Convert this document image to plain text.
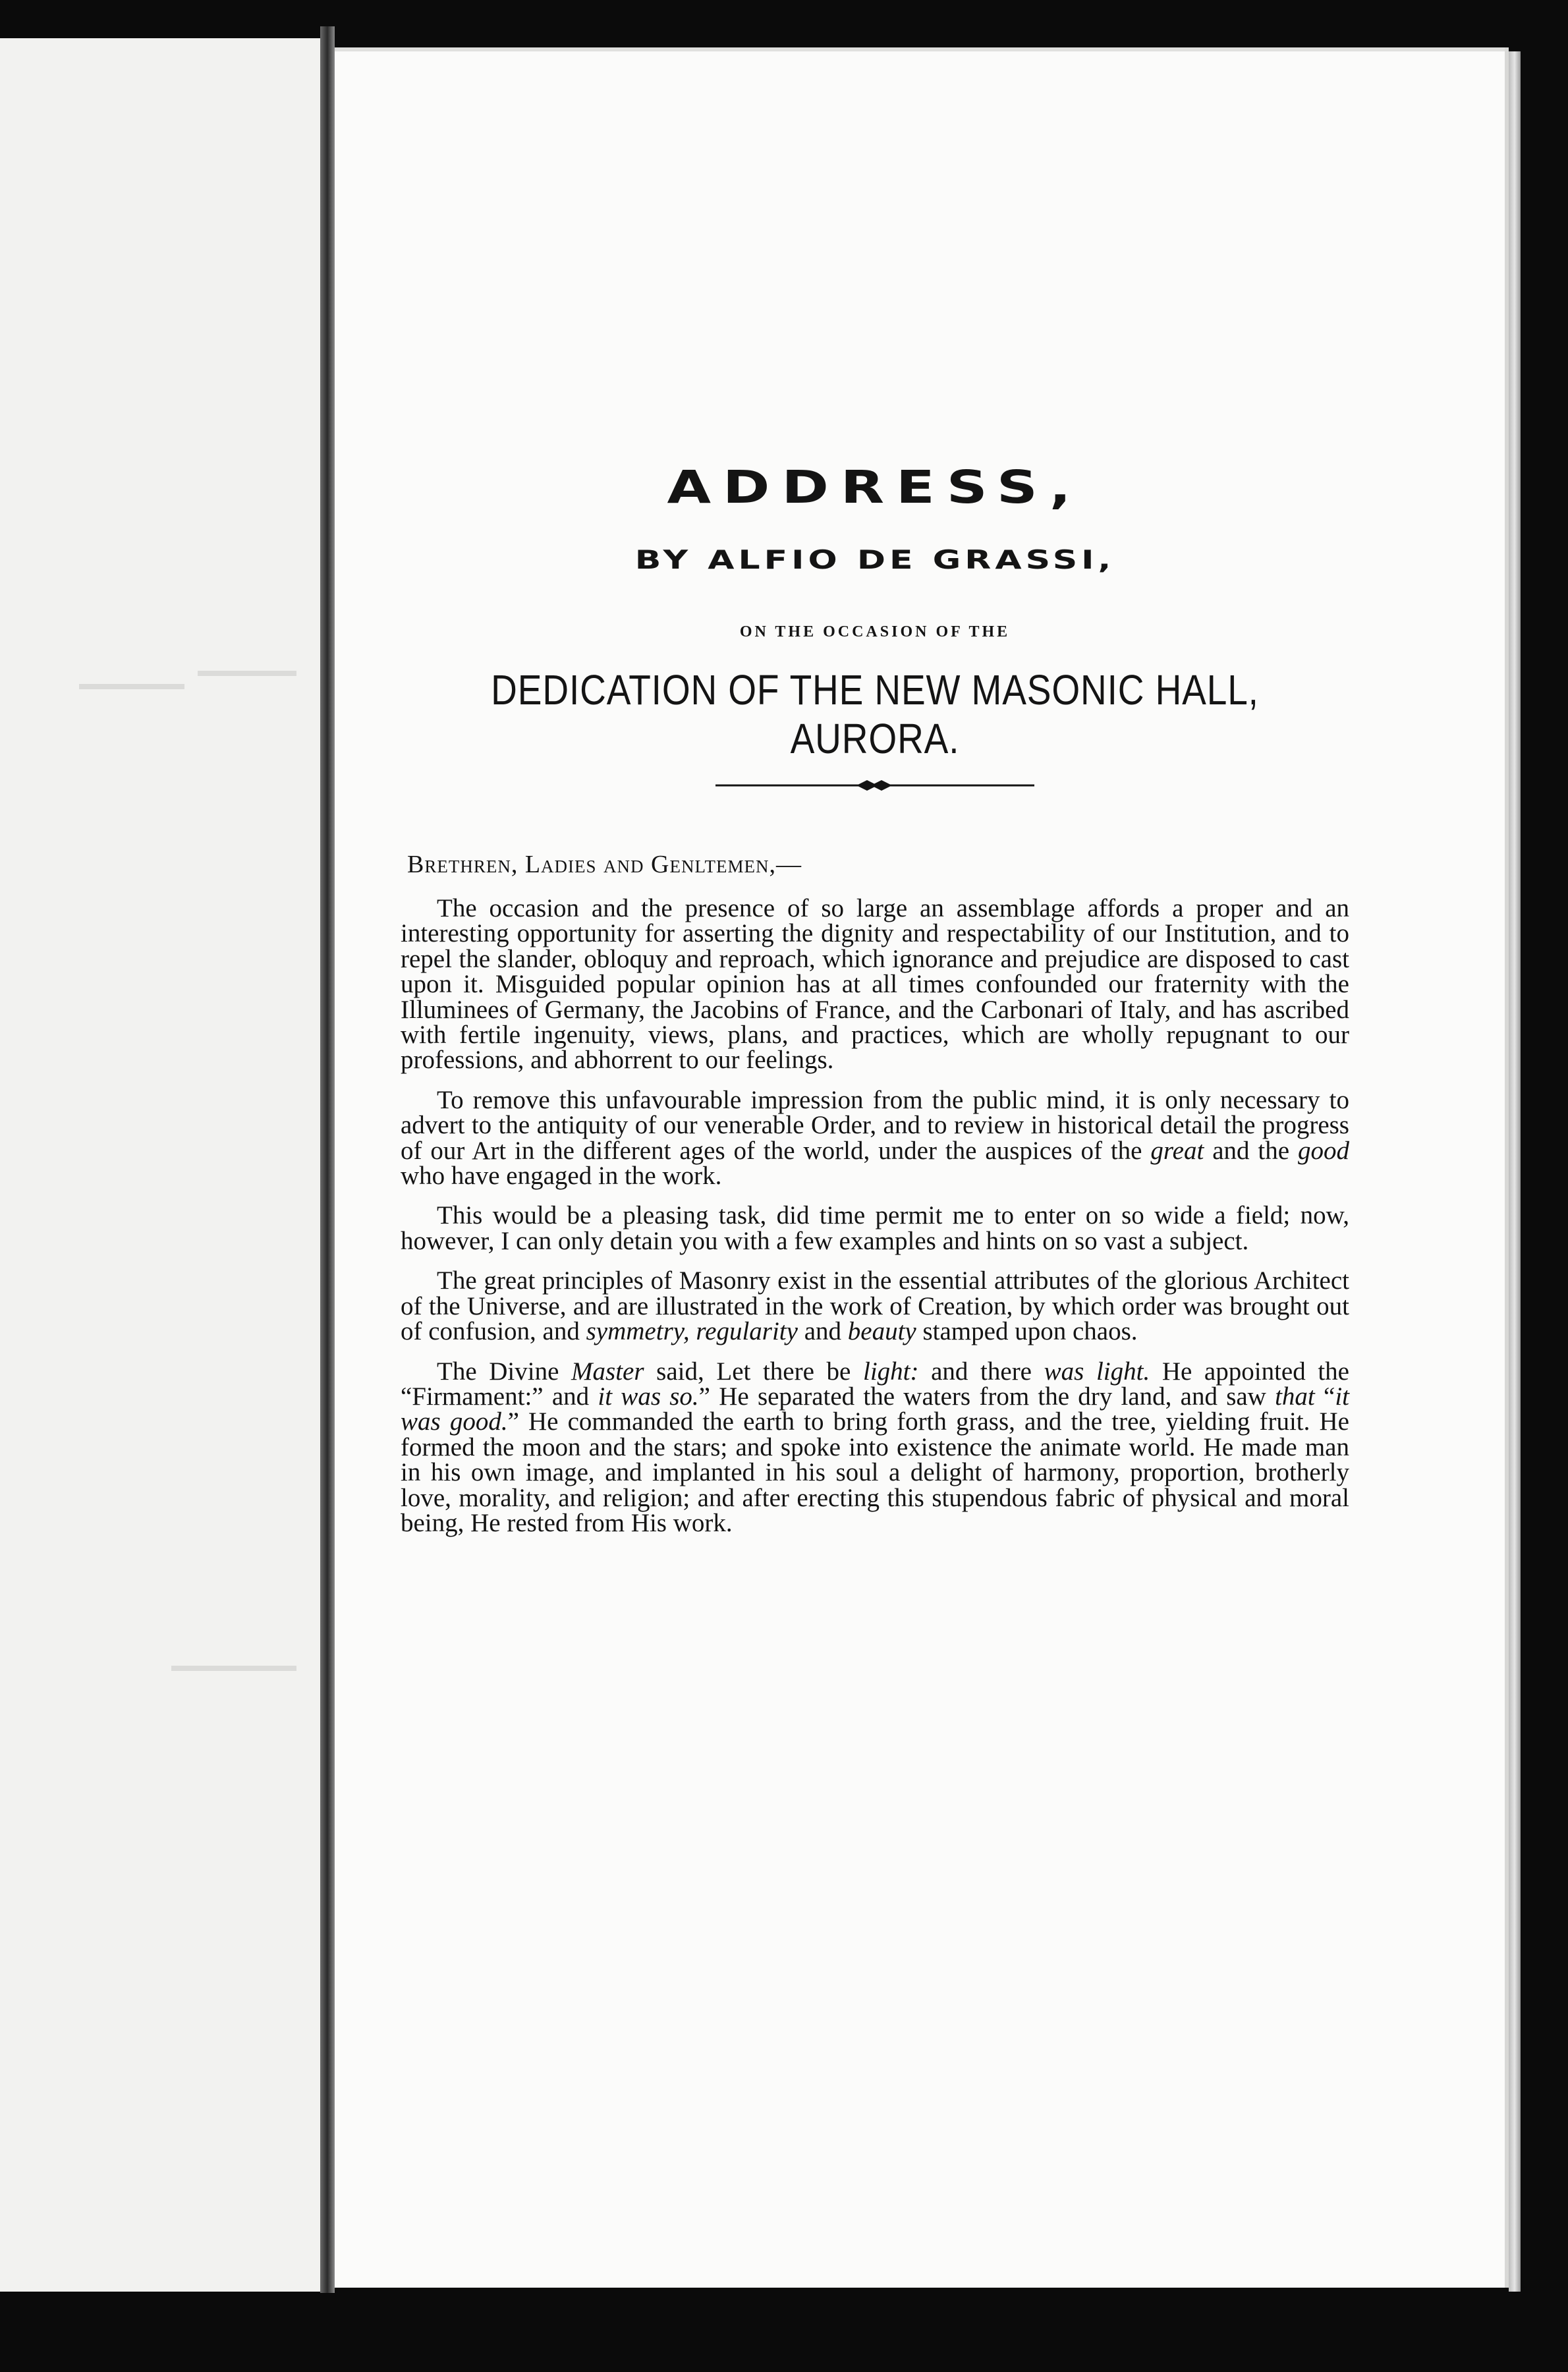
ADDRESS,
BY ALFIO DE GRASSI,
ON THE OCCASION OF THE
DEDICATION OF THE NEW MASONIC HALL, AURORA.
Brethren, Ladies and Genltemen,—

The occasion and the presence of so large an assemblage affords a proper and an interesting opportunity for asserting the dignity and respectability of our Institution, and to repel the slander, obloquy and reproach, which ignorance and prejudice are disposed to cast upon it. Misguided popular opinion has at all times confounded our fraternity with the Illuminees of Germany, the Jacobins of France, and the Carbonari of Italy, and has ascribed with fertile ingenuity, views, plans, and practices, which are wholly repugnant to our professions, and abhorrent to our feelings.

To remove this unfavourable impression from the public mind, it is only necessary to advert to the antiquity of our venerable Order, and to review in historical detail the progress of our Art in the different ages of the world, under the auspices of the great and the good who have engaged in the work.

This would be a pleasing task, did time permit me to enter on so wide a field; now, however, I can only detain you with a few examples and hints on so vast a subject.

The great principles of Masonry exist in the essential attributes of the glorious Architect of the Universe, and are illustrated in the work of Creation, by which order was brought out of confusion, and symmetry, regularity and beauty stamped upon chaos.

The Divine Master said, Let there be light: and there was light. He appointed the “Firmament:” and it was so.” He separated the waters from the dry land, and saw that “it was good.” He commanded the earth to bring forth grass, and the tree, yielding fruit. He formed the moon and the stars; and spoke into existence the animate world. He made man in his own image, and implanted in his soul a delight of harmony, proportion, brotherly love, morality, and religion; and after erecting this stupendous fabric of physical and moral being, He rested from His work.
